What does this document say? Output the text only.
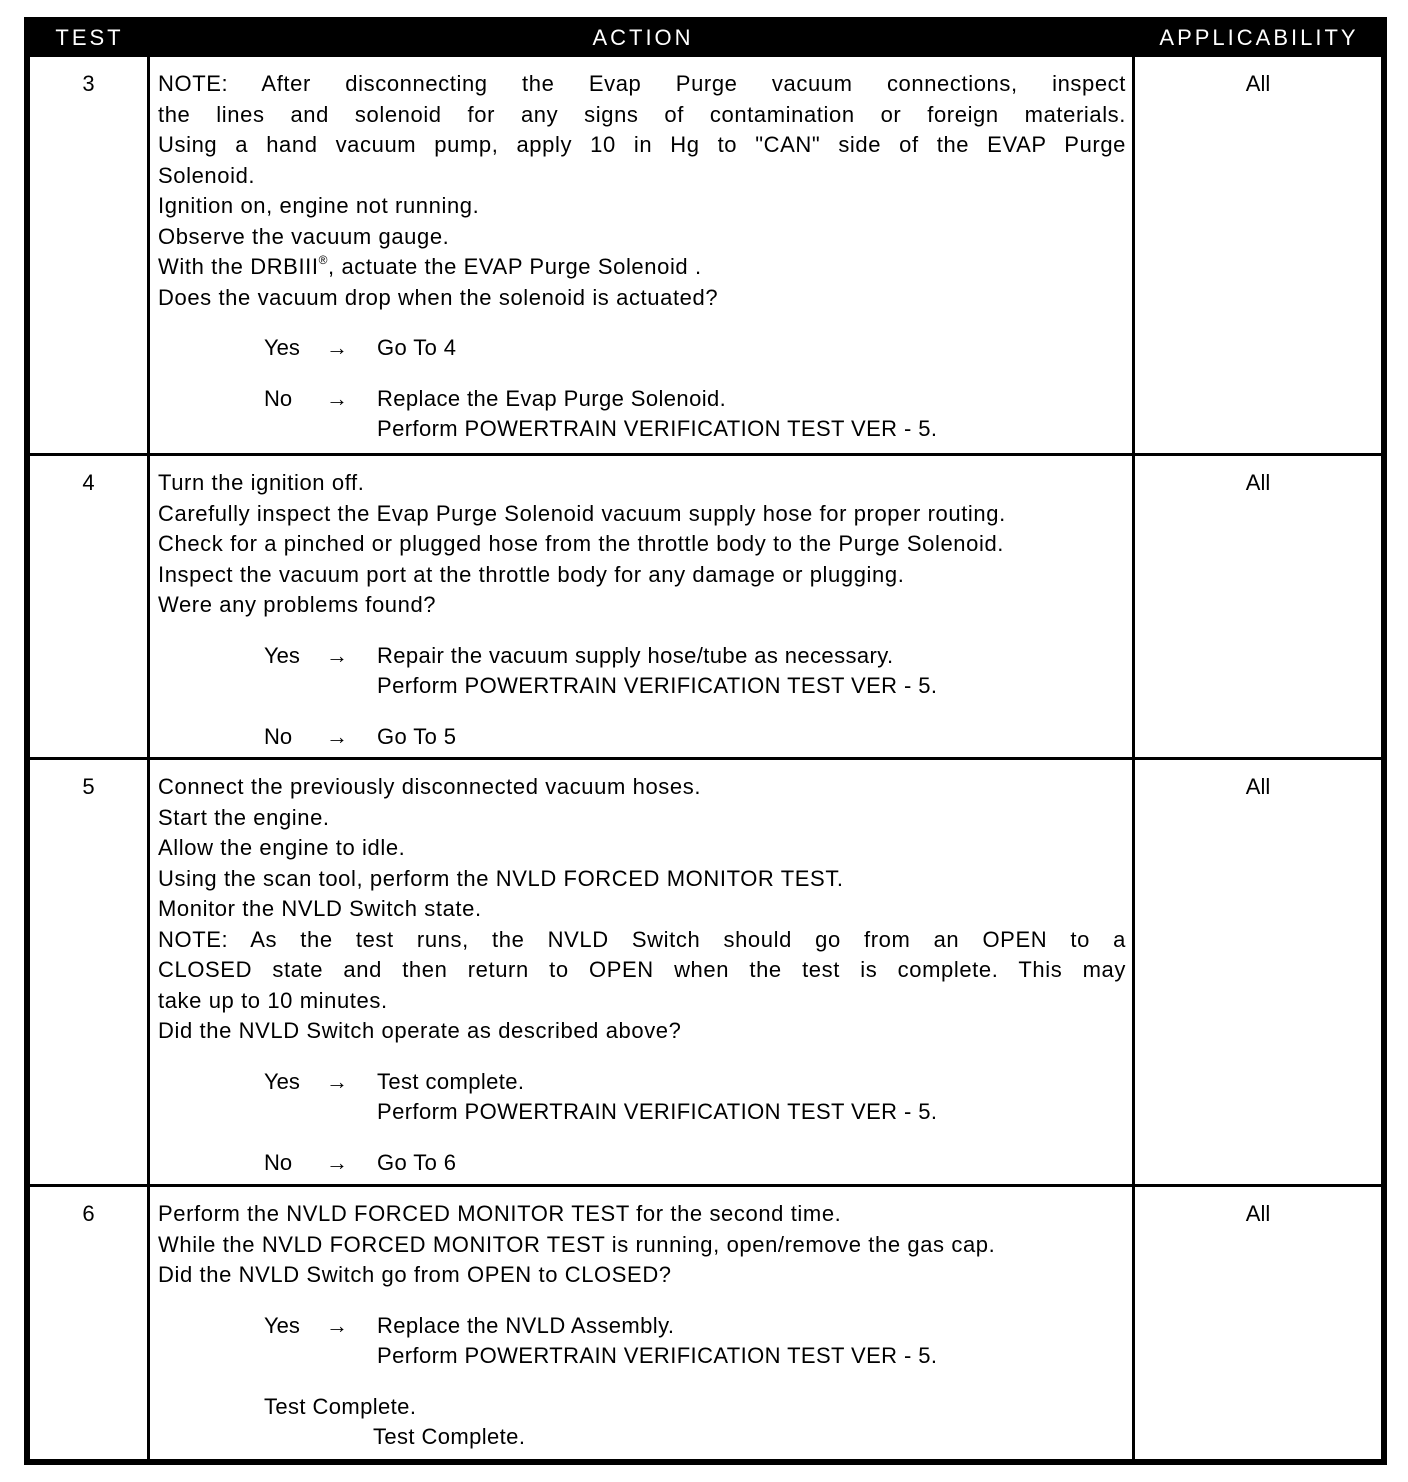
TEST	ACTION	APPLICABILITY
3	NOTE: After disconnecting the Evap Purge vacuum connections, inspect
the lines and solenoid for any signs of contamination or foreign materials.
Using a hand vacuum pump, apply 10 in Hg to "CAN" side of the EVAP Purge
Solenoid.
Ignition on, engine not running.
Observe the vacuum gauge.
With the DRBIII®, actuate the EVAP Purge Solenoid .
Does the vacuum drop when the solenoid is actuated?
Yes → Go To 4
No → Replace the Evap Purge Solenoid.
Perform POWERTRAIN VERIFICATION TEST VER - 5.
All
4	Turn the ignition off.
Carefully inspect the Evap Purge Solenoid vacuum supply hose for proper routing.
Check for a pinched or plugged hose from the throttle body to the Purge Solenoid.
Inspect the vacuum port at the throttle body for any damage or plugging.
Were any problems found?
Yes → Repair the vacuum supply hose/tube as necessary.
Perform POWERTRAIN VERIFICATION TEST VER - 5.
No → Go To 5
All
5	Connect the previously disconnected vacuum hoses.
Start the engine.
Allow the engine to idle.
Using the scan tool, perform the NVLD FORCED MONITOR TEST.
Monitor the NVLD Switch state.
NOTE: As the test runs, the NVLD Switch should go from an OPEN to a
CLOSED state and then return to OPEN when the test is complete. This may
take up to 10 minutes.
Did the NVLD Switch operate as described above?
Yes → Test complete.
Perform POWERTRAIN VERIFICATION TEST VER - 5.
No → Go To 6
All
6	Perform the NVLD FORCED MONITOR TEST for the second time.
While the NVLD FORCED MONITOR TEST is running, open/remove the gas cap.
Did the NVLD Switch go from OPEN to CLOSED?
Yes → Replace the NVLD Assembly.
Perform POWERTRAIN VERIFICATION TEST VER - 5.
Test Complete.
Test Complete.
All
